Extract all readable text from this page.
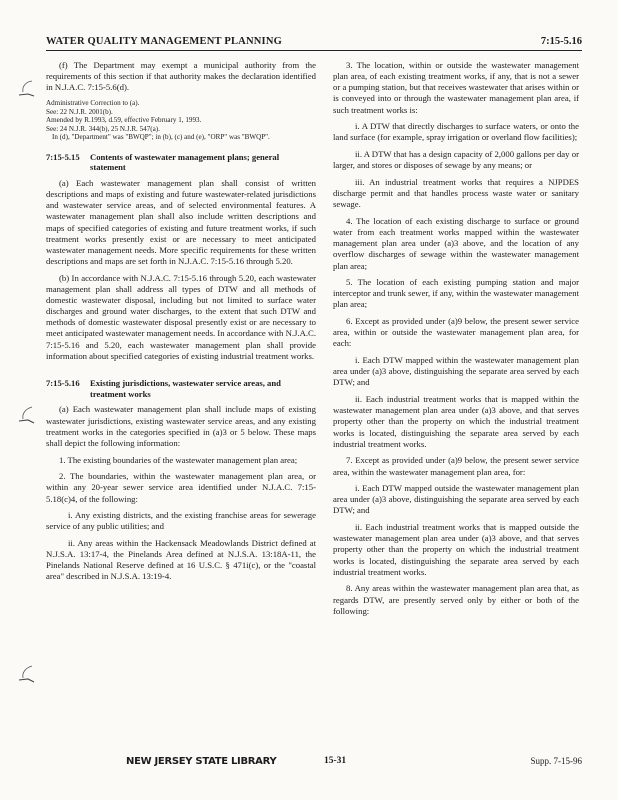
WATER QUALITY MANAGEMENT PLANNING	7:15-5.16

(f) The Department may exempt a municipal authority from the requirements of this section if that authority makes the declaration identified in N.J.A.C. 7:15-5.6(d).

Administrative Correction to (a).
See: 22 N.J.R. 2001(b).
Amended by R.1993, d.59, effective February 1, 1993.
See: 24 N.J.R. 344(b), 25 N.J.R. 547(a).
In (d), "Department" was "BWQP"; in (b), (c) and (e), "ORP" was "BWQP".
7:15-5.15 Contents of wastewater management plans; general statement

(a) Each wastewater management plan shall consist of written descriptions and maps of existing and future wastewater-related jurisdictions and wastewater service areas, and of selected environmental features. A wastewater management plan shall also include written descriptions and maps of specified categories of existing and future treatment works, if such treatment works presently exist or are necessary to meet anticipated wastewater management needs. More specific requirements for these written descriptions and maps are set forth in N.J.A.C. 7:15-5.16 through 5.20.

(b) In accordance with N.J.A.C. 7:15-5.16 through 5.20, each wastewater management plan shall address all types of DTW and all methods of domestic wastewater disposal, including but not limited to surface water discharges and ground water discharges, to the extent that such DTW and methods of domestic wastewater disposal presently exist or are necessary to meet anticipated wastewater management needs. In accordance with N.J.A.C. 7:15-5.16 and 5.20, each wastewater management plan shall provide information about specified categories of existing industrial treatment works.

7:15-5.16 Existing jurisdictions, wastewater service areas, and treatment works

(a) Each wastewater management plan shall include maps of existing wastewater jurisdictions, existing wastewater service areas, and any existing treatment works in the categories specified in (a)3 or 5 below. These maps shall depict the following information:

1. The existing boundaries of the wastewater management plan area;

2. The boundaries, within the wastewater management plan area, or within any 20-year sewer service area identified under N.J.A.C. 7:15-5.18(c)4, of the following:

i. Any existing districts, and the existing franchise areas for sewerage service of any public utilities; and

ii. Any areas within the Hackensack Meadowlands District defined at N.J.S.A. 13:17-4, the Pinelands Area defined at N.J.S.A. 13:18A-11, the Pinelands National Reserve defined at 16 U.S.C. § 471i(c), or the "coastal area" described in N.J.S.A. 13:19-4.

3. The location, within or outside the wastewater management plan area, of each existing treatment works, if any, that is not a sewer or a pumping station, but that receives wastewater that arises within or is conveyed into or through the wastewater management plan area, if such treatment works is:

i. A DTW that directly discharges to surface waters, or onto the land surface (for example, spray irrigation or overland flow facilities);

ii. A DTW that has a design capacity of 2,000 gallons per day or larger, and stores or disposes of sewage by any means; or

iii. An industrial treatment works that requires a NJPDES discharge permit and that handles process waste water or sanitary sewage.

4. The location of each existing discharge to surface or ground water from each treatment works mapped within the wastewater management plan area under (a)3 above, and the location of any overflow discharges of sewage within the wastewater management plan area;

5. The location of each existing pumping station and major interceptor and trunk sewer, if any, within the wastewater management plan area;

6. Except as provided under (a)9 below, the present sewer service area, within or outside the wastewater management plan area, for each:

i. Each DTW mapped within the wastewater management plan area under (a)3 above, distinguishing the separate area served by each DTW; and

ii. Each industrial treatment works that is mapped within the wastewater management plan area under (a)3 above, and that serves property other than the property on which the industrial treatment works is located, distinguishing the separate area served by each industrial treatment works.

7. Except as provided under (a)9 below, the present sewer service area, within the wastewater management plan area, for:

i. Each DTW mapped outside the wastewater management plan area under (a)3 above, distinguishing the separate area served by each DTW; and

ii. Each industrial treatment works that is mapped outside the wastewater management plan area under (a)3 above, and that serves property other than the property on which the industrial treatment works is located, distinguishing the separate area served by each industrial treatment works.

8. Any areas within the wastewater management plan area that, as regards DTW, are presently served only by either or both of the following:

NEW JERSEY STATE LIBRARY	15-31	Supp. 7-15-96
